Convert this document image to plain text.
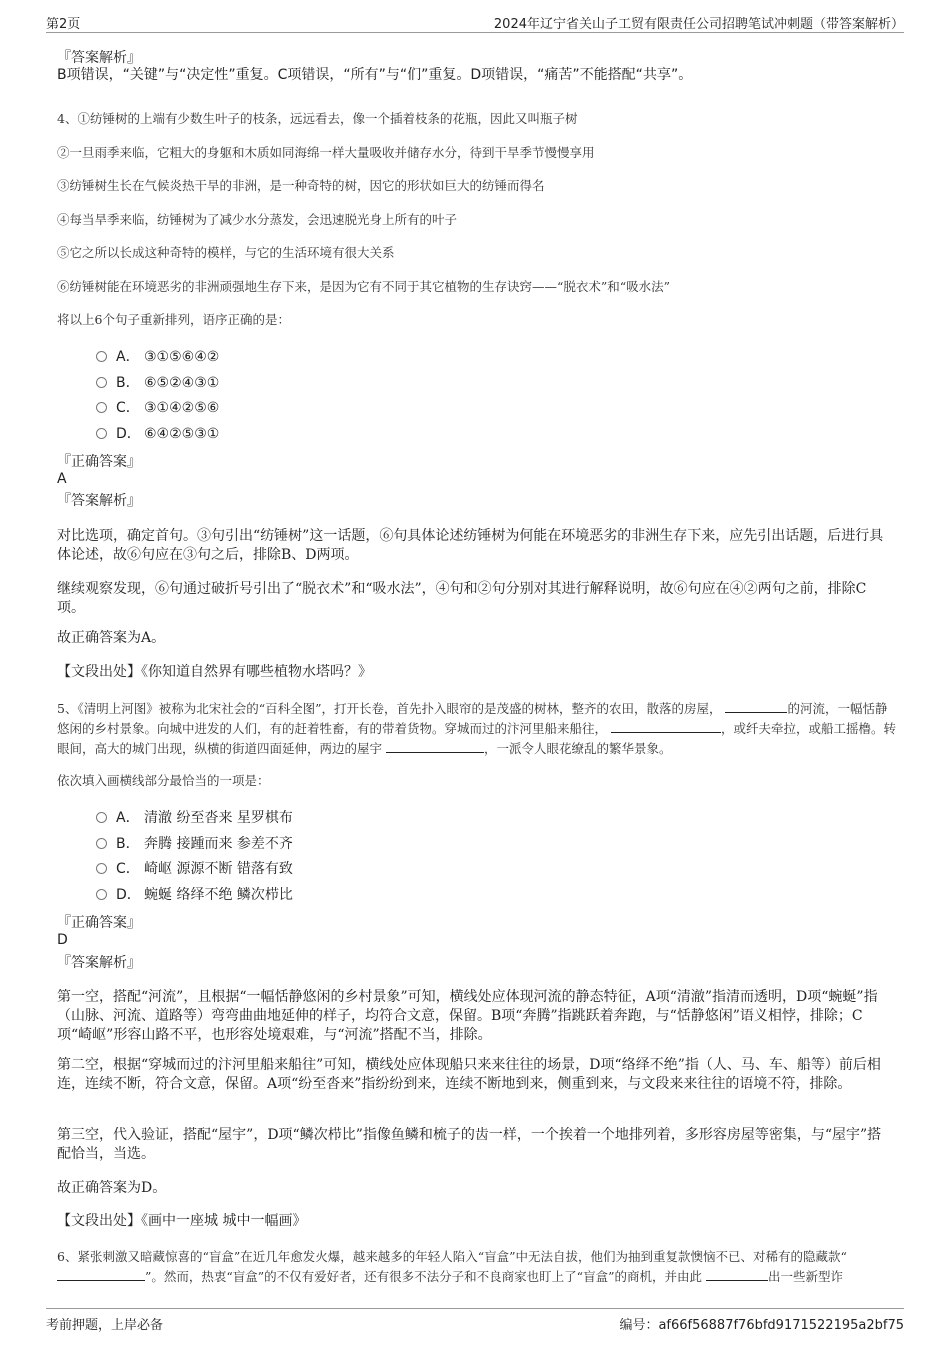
第2页	2024年辽宁省关山子工贸有限责任公司招聘笔试冲刺题（带答案解析）
『答案解析』
B项错误，“关键”与“决定性”重复。C项错误，“所有”与“们”重复。D项错误，“痛苦”不能搭配“共享”。
4、①纺锤树的上端有少数生叶子的枝条，远远看去，像一个插着枝条的花瓶，因此又叫瓶子树
②一旦雨季来临，它粗大的身躯和木质如同海绵一样大量吸收并储存水分，待到干旱季节慢慢享用
③纺锤树生长在气候炎热干旱的非洲，是一种奇特的树，因它的形状如巨大的纺锤而得名
④每当旱季来临，纺锤树为了减少水分蒸发，会迅速脱光身上所有的叶子
⑤它之所以长成这种奇特的模样，与它的生活环境有很大关系
⑥纺锤树能在环境恶劣的非洲顽强地生存下来，是因为它有不同于其它植物的生存诀窍——“脱衣术”和“吸水法”
将以上6个句子重新排列，语序正确的是：
A． ③①⑤⑥④②
B． ⑥⑤②④③①
C． ③①④②⑤⑥
D． ⑥④②⑤③①
『正确答案』
A
『答案解析』
对比选项，确定首句。③句引出“纺锤树”这一话题，⑥句具体论述纺锤树为何能在环境恶劣的非洲生存下来，应先引出话题，后进行具体论述，故⑥句应在③句之后，排除B、D两项。
继续观察发现，⑥句通过破折号引出了“脱衣术”和“吸水法”，④句和②句分别对其进行解释说明，故⑥句应在④②两句之前，排除C项。
故正确答案为A。
【文段出处】《你知道自然界有哪些植物水塔吗？》
5、《清明上河图》被称为北宋社会的“百科全图”，打开长卷，首先扑入眼帘的是茂盛的树林，整齐的农田，散落的房屋，	的河流，一幅恬静悠闲的乡村景象。向城中进发的人们，有的赶着牲畜，有的带着货物。穿城而过的汴河里船来船往，	，或纤夫牵拉，或船工摇橹。转眼间，高大的城门出现，纵横的街道四面延伸，两边的屋宇	，一派令人眼花缭乱的繁华景象。
依次填入画横线部分最恰当的一项是：
A． 清澈 纷至沓来 星罗棋布
B． 奔腾 接踵而来 参差不齐
C． 崎岖 源源不断 错落有致
D． 蜿蜒 络绎不绝 鳞次栉比
『正确答案』
D
『答案解析』
第一空，搭配“河流”，且根据“一幅恬静悠闲的乡村景象”可知，横线处应体现河流的静态特征，A项“清澈”指清而透明，D项“蜿蜒”指（山脉、河流、道路等）弯弯曲曲地延伸的样子，均符合文意，保留。B项“奔腾”指跳跃着奔跑，与“恬静悠闲”语义相悖，排除；C项“崎岖”形容山路不平，也形容处境艰难，与“河流”搭配不当，排除。
第二空，根据“穿城而过的汴河里船来船往”可知，横线处应体现船只来来往往的场景，D项“络绎不绝”指（人、马、车、船等）前后相连，连续不断，符合文意，保留。A项“纷至沓来”指纷纷到来，连续不断地到来，侧重到来，与文段来来往往的语境不符，排除。
第三空，代入验证，搭配“屋宇”，D项“鳞次栉比”指像鱼鳞和梳子的齿一样，一个挨着一个地排列着，多形容房屋等密集，与“屋宇”搭配恰当，当选。
故正确答案为D。
【文段出处】《画中一座城 城中一幅画》
6、紧张刺激又暗藏惊喜的“盲盒”在近几年愈发火爆，越来越多的年轻人陷入“盲盒”中无法自拔，他们为抽到重复款懊恼不已、对稀有的隐藏款“ ”。然而，热衷“盲盒”的不仅有爱好者，还有很多不法分子和不良商家也盯上了“盲盒”的商机，并由此	出一些新型诈
考前押题，上岸必备	编号：af66f56887f76bfd9171522195a2bf75
